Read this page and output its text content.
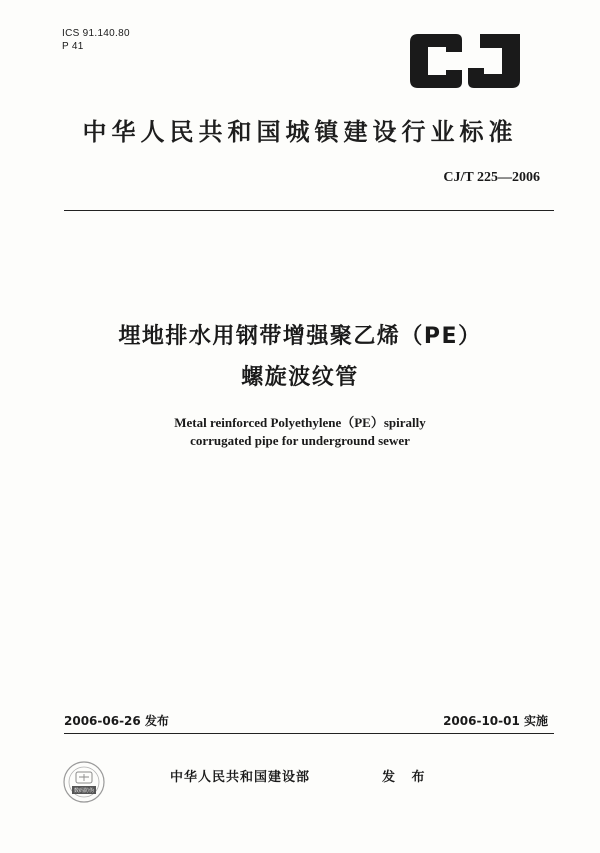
ICS 91.140.80
P 41
中华人民共和国城镇建设行业标准
CJ/T 225—2006
埋地排水用钢带增强聚乙烯（PE）
螺旋波纹管
Metal reinforced Polyethylene（PE）spirally
corrugated pipe for underground sewer
2006-06-26 发布	2006-10-01 实施
数码防伪
中华人民共和国建设部	发 布
